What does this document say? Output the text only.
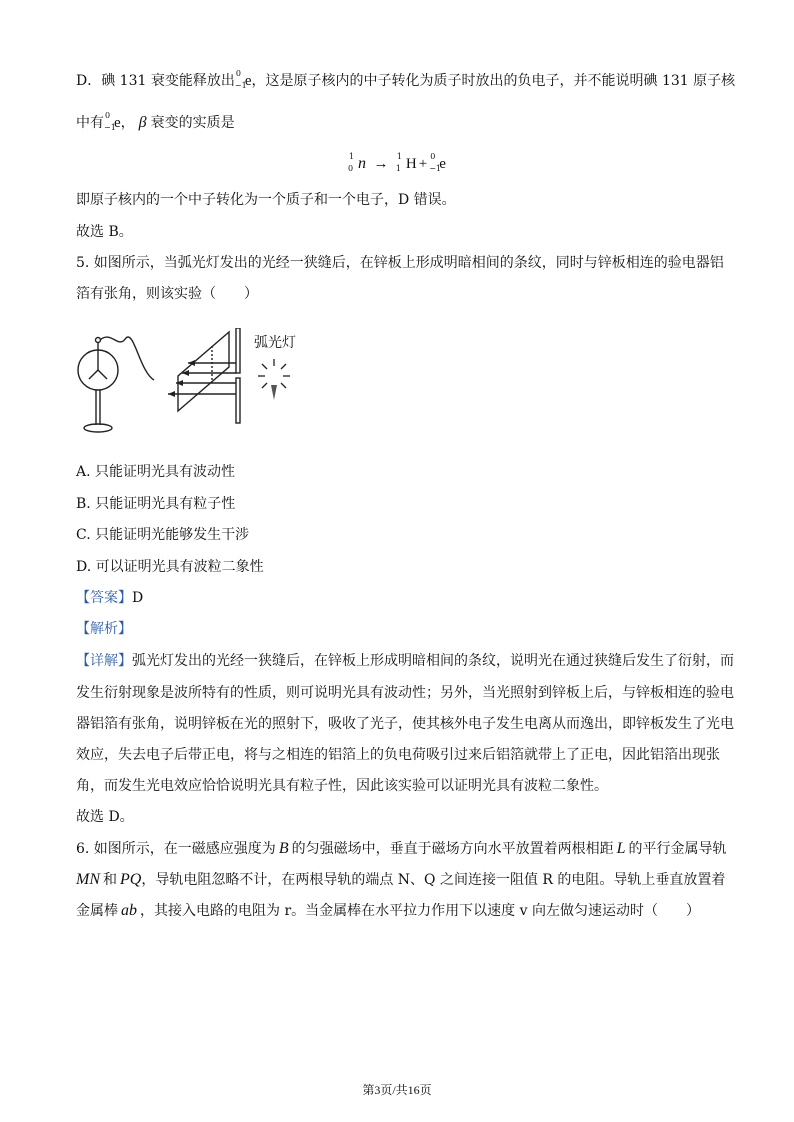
D．碘 131 衰变能释放出 0
−1
e，这是原子核内的中子转化为质子时放出的负电子，并不能说明碘 131 原子核
中有 0
−1
e， β 衰变的实质是
1
0 n → 1
1 H + 0
−1
e
即原子核内的一个中子转化为一个质子和一个电子，D 错误。
故选 B。
5. 如图所示，当弧光灯发出的光经一狭缝后，在锌板上形成明暗相间的条纹，同时与锌板相连的验电器铝
箔有张角，则该实验（　　）
弧光灯
A. 只能证明光具有波动性
B. 只能证明光具有粒子性
C. 只能证明光能够发生干涉
D. 可以证明光具有波粒二象性
【答案】D
【解析】
【详解】弧光灯发出的光经一狭缝后，在锌板上形成明暗相间的条纹，说明光在通过狭缝后发生了衍射，而
发生衍射现象是波所特有的性质，则可说明光具有波动性；另外，当光照射到锌板上后，与锌板相连的验电
器铝箔有张角，说明锌板在光的照射下，吸收了光子，使其核外电子发生电离从而逸出，即锌板发生了光电
效应，失去电子后带正电，将与之相连的铝箔上的负电荷吸引过来后铝箔就带上了正电，因此铝箔出现张
角，而发生光电效应恰恰说明光具有粒子性，因此该实验可以证明光具有波粒二象性。
故选 D。
6. 如图所示，在一磁感应强度为 B 的匀强磁场中，垂直于磁场方向水平放置着两根相距 L 的平行金属导轨
MN 和 PQ，导轨电阻忽略不计，在两根导轨的端点 N、Q 之间连接一阻值 R 的电阻。导轨上垂直放置着
金属棒 ab ，其接入电路的电阻为 r。当金属棒在水平拉力作用下以速度 v 向左做匀速运动时（　　）
第3页/共16页
